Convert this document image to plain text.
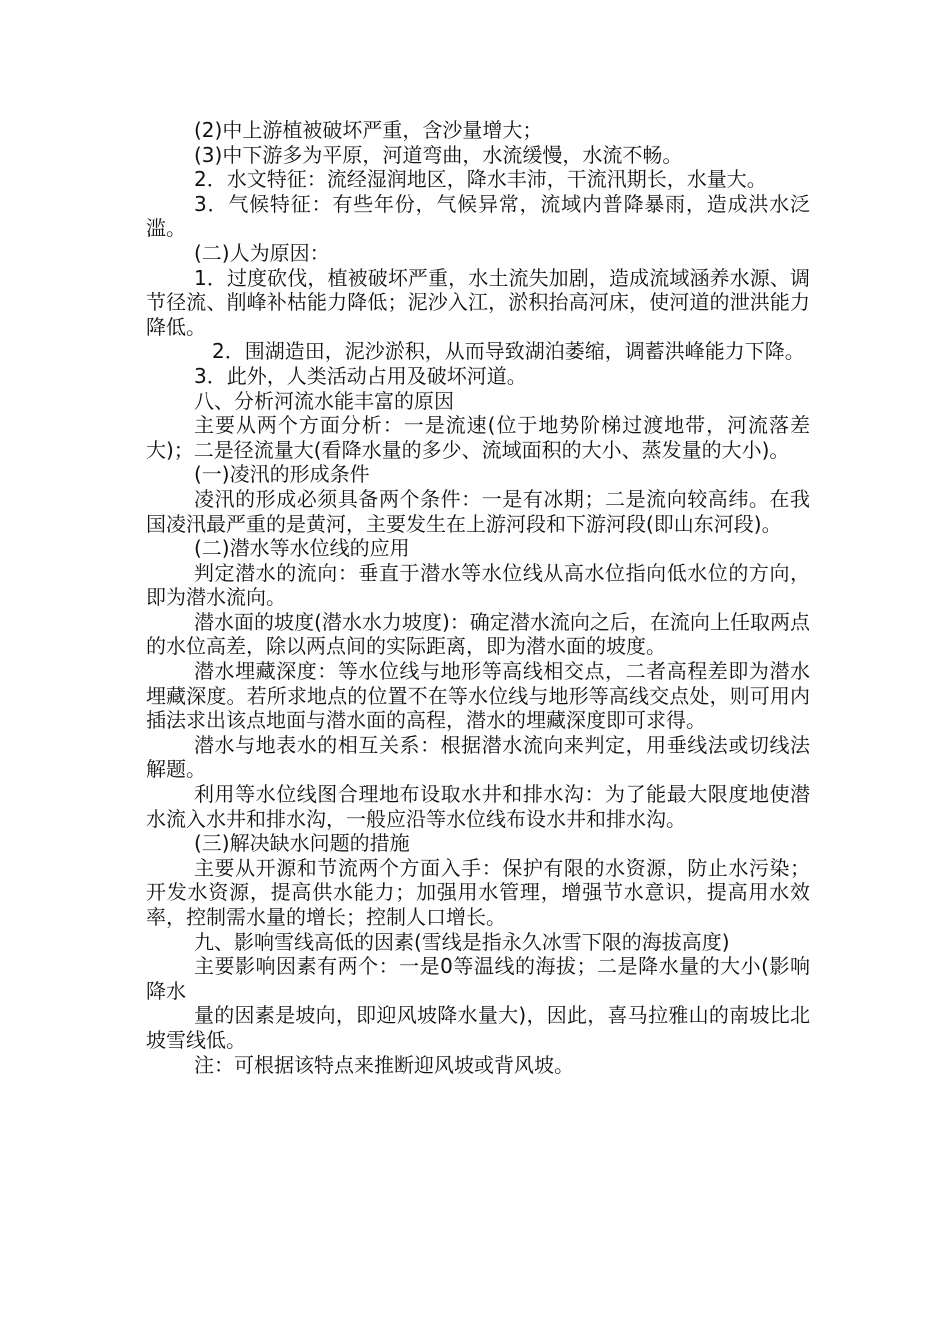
(2)中上游植被破坏严重，含沙量增大；

(3)中下游多为平原，河道弯曲，水流缓慢，水流不畅。

2．水文特征：流经湿润地区，降水丰沛，干流汛期长，水量大。

3．气候特征：有些年份，气候异常，流域内普降暴雨，造成洪水泛滥。

(二)人为原因：

1．过度砍伐，植被破坏严重，水土流失加剧，造成流域涵养水源、调节径流、削峰补枯能力降低；泥沙入江，淤积抬高河床，使河道的泄洪能力降低。

2．围湖造田，泥沙淤积，从而导致湖泊萎缩，调蓄洪峰能力下降。

3．此外，人类活动占用及破坏河道。

八、分析河流水能丰富的原因

主要从两个方面分析：一是流速(位于地势阶梯过渡地带，河流落差大)；二是径流量大(看降水量的多少、流域面积的大小、蒸发量的大小)。

(一)凌汛的形成条件

凌汛的形成必须具备两个条件：一是有冰期；二是流向较高纬。在我国凌汛最严重的是黄河，主要发生在上游河段和下游河段(即山东河段)。

(二)潜水等水位线的应用

判定潜水的流向：垂直于潜水等水位线从高水位指向低水位的方向，即为潜水流向。

潜水面的坡度(潜水水力坡度)：确定潜水流向之后，在流向上任取两点的水位高差，除以两点间的实际距离，即为潜水面的坡度。

潜水埋藏深度：等水位线与地形等高线相交点，二者高程差即为潜水埋藏深度。若所求地点的位置不在等水位线与地形等高线交点处，则可用内插法求出该点地面与潜水面的高程，潜水的埋藏深度即可求得。

潜水与地表水的相互关系：根据潜水流向来判定，用垂线法或切线法解题。

利用等水位线图合理地布设取水井和排水沟：为了能最大限度地使潜水流入水井和排水沟，一般应沿等水位线布设水井和排水沟。

(三)解决缺水问题的措施

主要从开源和节流两个方面入手：保护有限的水资源，防止水污染；开发水资源，提高供水能力；加强用水管理，增强节水意识，提高用水效率，控制需水量的增长；控制人口增长。

九、影响雪线高低的因素(雪线是指永久冰雪下限的海拔高度)

主要影响因素有两个：一是0等温线的海拔；二是降水量的大小(影响降水

量的因素是坡向，即迎风坡降水量大)，因此，喜马拉雅山的南坡比北坡雪线低。

注：可根据该特点来推断迎风坡或背风坡。
